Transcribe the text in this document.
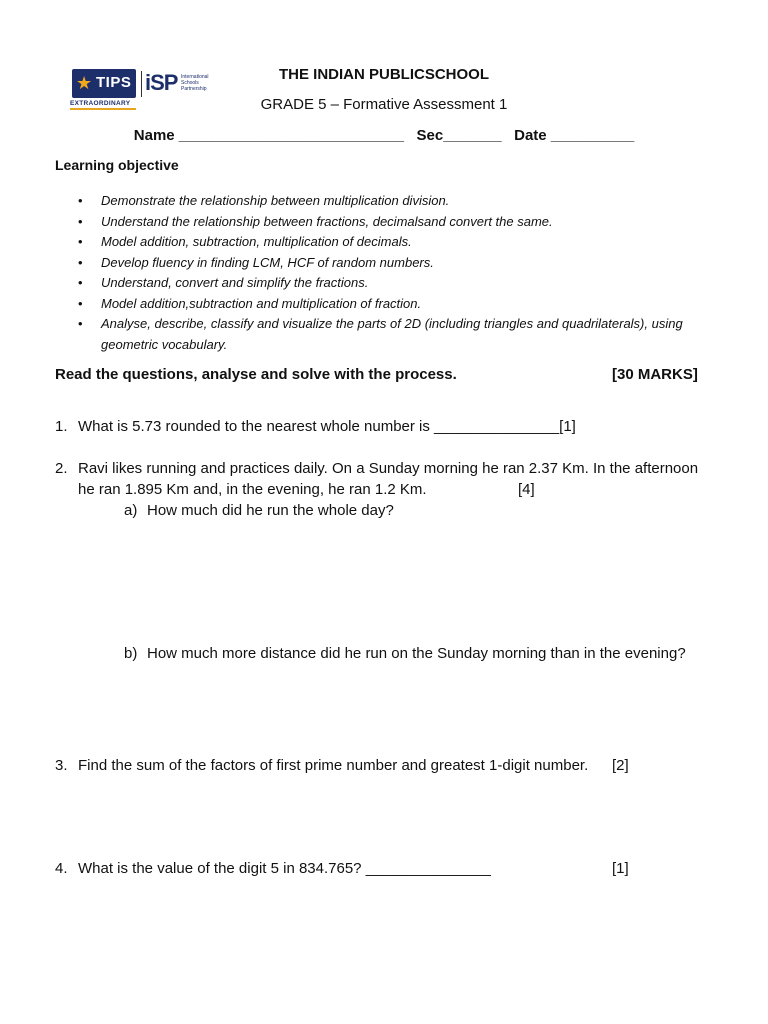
★ TIPS
EXTRAORDINARY
iSP International Schools Partnership
THE INDIAN PUBLICSCHOOL
GRADE 5 – Formative Assessment 1
Name ___________________________   Sec_______   Date __________
Learning objective
• Demonstrate the relationship between multiplication division.
• Understand the relationship between fractions, decimalsand convert the same.
• Model addition, subtraction, multiplication of decimals.
• Develop fluency in finding LCM, HCF of random numbers.
• Understand, convert and simplify the fractions.
• Model addition,subtraction and multiplication of fraction.
• Analyse, describe, classify and visualize the parts of 2D (including triangles and quadrilaterals), using geometric vocabulary.
Read the questions, analyse and solve with the process.	[30 MARKS]
1. What is 5.73 rounded to the nearest whole number is _______________[1]
2. Ravi likes running and practices daily. On a Sunday morning he ran 2.37 Km. In the afternoon
he ran 1.895 Km and, in the evening, he ran 1.2 Km.	[4]
a) How much did he run the whole day?
b) How much more distance did he run on the Sunday morning than in the evening?
3. Find the sum of the factors of first prime number and greatest 1-digit number. [2]
4. What is the value of the digit 5 in 834.765? _______________	[1]
